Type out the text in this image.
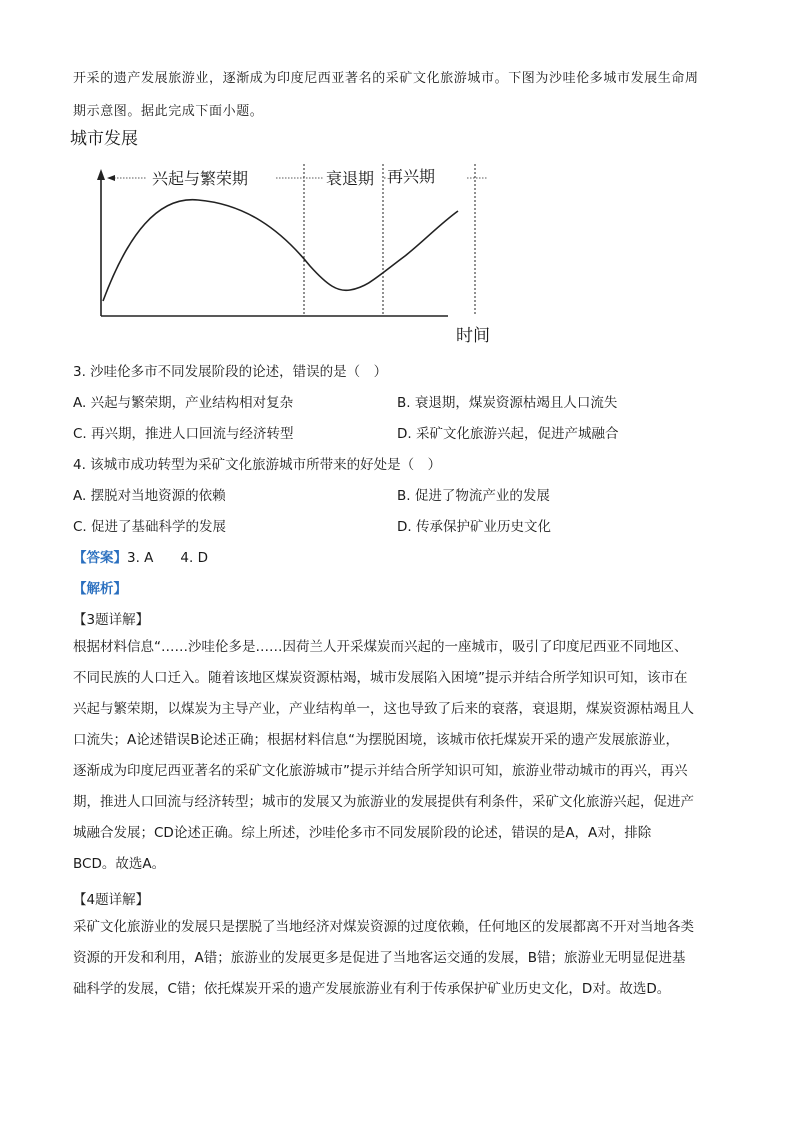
开采的遗产发展旅游业，逐渐成为印度尼西亚著名的采矿文化旅游城市。下图为沙哇伦多城市发展生命周
期示意图。据此完成下面小题。
城市发展
时间
兴起与繁荣期	衰退期 再兴期
3. 沙哇伦多市不同发展阶段的论述，错误的是（　）
A. 兴起与繁荣期，产业结构相对复杂	B. 衰退期，煤炭资源枯竭且人口流失
C. 再兴期，推进人口回流与经济转型	D. 采矿文化旅游兴起，促进产城融合
4. 该城市成功转型为采矿文化旅游城市所带来的好处是（　）
A. 摆脱对当地资源的依赖	B. 促进了物流产业的发展
C. 促进了基础科学的发展	D. 传承保护矿业历史文化
【答案】3. A　　4. D
【解析】
【3题详解】
根据材料信息“……沙哇伦多是……因荷兰人开采煤炭而兴起的一座城市，吸引了印度尼西亚不同地区、
不同民族的人口迁入。随着该地区煤炭资源枯竭，城市发展陷入困境”提示并结合所学知识可知，该市在
兴起与繁荣期，以煤炭为主导产业，产业结构单一，这也导致了后来的衰落，衰退期，煤炭资源枯竭且人
口流失；A论述错误B论述正确；根据材料信息“为摆脱困境，该城市依托煤炭开采的遗产发展旅游业，
逐渐成为印度尼西亚著名的采矿文化旅游城市”提示并结合所学知识可知，旅游业带动城市的再兴，再兴
期，推进人口回流与经济转型；城市的发展又为旅游业的发展提供有利条件，采矿文化旅游兴起，促进产
城融合发展；CD论述正确。综上所述，沙哇伦多市不同发展阶段的论述，错误的是A，A对，排除
BCD。故选A。
【4题详解】
采矿文化旅游业的发展只是摆脱了当地经济对煤炭资源的过度依赖，任何地区的发展都离不开对当地各类
资源的开发和利用，A错；旅游业的发展更多是促进了当地客运交通的发展，B错；旅游业无明显促进基
础科学的发展，C错；依托煤炭开采的遗产发展旅游业有利于传承保护矿业历史文化，D对。故选D。
